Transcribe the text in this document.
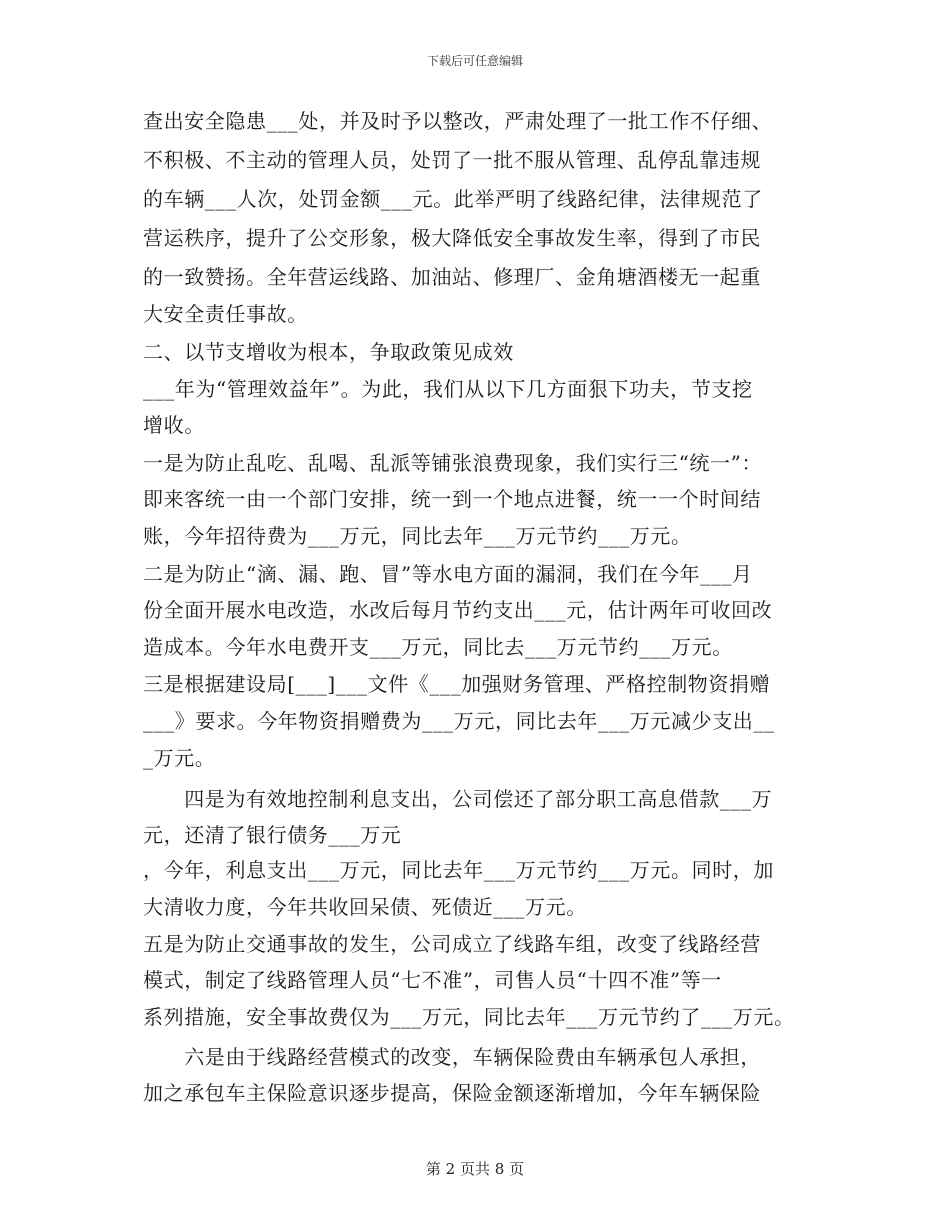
下载后可任意编辑
查出安全隐患___处，并及时予以整改，严肃处理了一批工作不仔细、
不积极、不主动的管理人员，处罚了一批不服从管理、乱停乱靠违规
的车辆___人次，处罚金额___元。此举严明了线路纪律，法律规范了
营运秩序，提升了公交形象，极大降低安全事故发生率，得到了市民
的一致赞扬。全年营运线路、加油站、修理厂、金角塘酒楼无一起重
大安全责任事故。
二、以节支增收为根本，争取政策见成效
___年为“管理效益年”。为此，我们从以下几方面狠下功夫，节支挖
增收。
一是为防止乱吃、乱喝、乱派等铺张浪费现象，我们实行三“统一”：
即来客统一由一个部门安排，统一到一个地点进餐，统一一个时间结
账，今年招待费为___万元，同比去年___万元节约___万元。
二是为防止“滴、漏、跑、冒”等水电方面的漏洞，我们在今年___月
份全面开展水电改造，水改后每月节约支出___元，估计两年可收回改
造成本。今年水电费开支___万元，同比去___万元节约___万元。
三是根据建设局[___]___文件《___加强财务管理、严格控制物资捐赠
___》要求。今年物资捐赠费为___万元，同比去年___万元减少支出__
_万元。
　　四是为有效地控制利息支出，公司偿还了部分职工高息借款___万
元，还清了银行债务___万元
，今年，利息支出___万元，同比去年___万元节约___万元。同时，加
大清收力度，今年共收回呆债、死债近___万元。
五是为防止交通事故的发生，公司成立了线路车组，改变了线路经营
模式，制定了线路管理人员“七不准”，司售人员“十四不准”等一
系列措施，安全事故费仅为___万元，同比去年___万元节约了___万元。
　　六是由于线路经营模式的改变，车辆保险费由车辆承包人承担，
加之承包车主保险意识逐步提高，保险金额逐渐增加，今年车辆保险
第 2 页共 8 页
